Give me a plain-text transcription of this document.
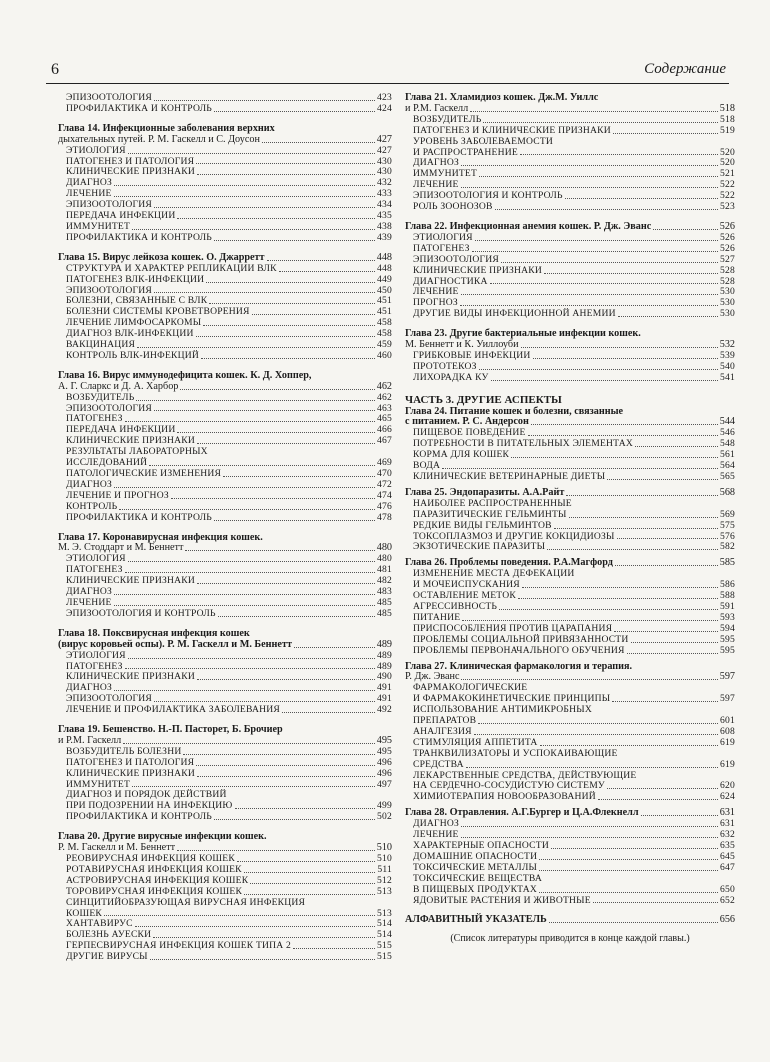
6	Содержание
ЭПИЗООТОЛОГИЯ	423
ПРОФИЛАКТИКА И КОНТРОЛЬ	424
Глава 14. Инфекционные заболевания верхних
дыхательных путей. Р. М. Гаскелл и С. Доусон	427
ЭТИОЛОГИЯ	427
ПАТОГЕНЕЗ И ПАТОЛОГИЯ	430
КЛИНИЧЕСКИЕ ПРИЗНАКИ	430
ДИАГНОЗ	432
ЛЕЧЕНИЕ	433
ЭПИЗООТОЛОГИЯ	434
ПЕРЕДАЧА ИНФЕКЦИИ	435
ИММУНИТЕТ	438
ПРОФИЛАКТИКА И КОНТРОЛЬ	439
Глава 15. Вирус лейкоза кошек. О. Джарретт	448
СТРУКТУРА И ХАРАКТЕР РЕПЛИКАЦИИ ВЛК	448
ПАТОГЕНЕЗ ВЛК-ИНФЕКЦИИ	449
ЭПИЗООТОЛОГИЯ	450
БОЛЕЗНИ, СВЯЗАННЫЕ С ВЛК	451
БОЛЕЗНИ СИСТЕМЫ КРОВЕТВОРЕНИЯ	451
ЛЕЧЕНИЕ ЛИМФОСАРКОМЫ	458
ДИАГНОЗ ВЛК-ИНФЕКЦИИ	458
ВАКЦИНАЦИЯ	459
КОНТРОЛЬ ВЛК-ИНФЕКЦИЙ	460
Глава 16. Вирус иммунодефицита кошек. К. Д. Хоппер,
А. Г. Сларкс и Д. А. Харбор	462
ВОЗБУДИТЕЛЬ	462
ЭПИЗООТОЛОГИЯ	463
ПАТОГЕНЕЗ	465
ПЕРЕДАЧА ИНФЕКЦИИ	466
КЛИНИЧЕСКИЕ ПРИЗНАКИ	467
РЕЗУЛЬТАТЫ ЛАБОРАТОРНЫХ
ИССЛЕДОВАНИЙ	469
ПАТОЛОГИЧЕСКИЕ ИЗМЕНЕНИЯ	470
ДИАГНОЗ	472
ЛЕЧЕНИЕ И ПРОГНОЗ	474
КОНТРОЛЬ	476
ПРОФИЛАКТИКА И КОНТРОЛЬ	478
Глава 17. Коронавирусная инфекция кошек.
М. Э. Стоддарт и М. Беннетт	480
ЭТИОЛОГИЯ	480
ПАТОГЕНЕЗ	481
КЛИНИЧЕСКИЕ ПРИЗНАКИ	482
ДИАГНОЗ	483
ЛЕЧЕНИЕ	485
ЭПИЗООТОЛОГИЯ И КОНТРОЛЬ	485
Глава 18. Поксвирусная инфекция кошек
(вирус коровьей оспы). Р. М. Гаскелл и М. Беннетт	489
ЭТИОЛОГИЯ	489
ПАТОГЕНЕЗ	489
КЛИНИЧЕСКИЕ ПРИЗНАКИ	490
ДИАГНОЗ	491
ЭПИЗООТОЛОГИЯ	491
ЛЕЧЕНИЕ И ПРОФИЛАКТИКА ЗАБОЛЕВАНИЯ	492
Глава 19. Бешенство. Н.-П. Пасторет, Б. Брочиер
и Р.М. Гаскелл	495
ВОЗБУДИТЕЛЬ БОЛЕЗНИ	495
ПАТОГЕНЕЗ И ПАТОЛОГИЯ	496
КЛИНИЧЕСКИЕ ПРИЗНАКИ	496
ИММУНИТЕТ	497
ДИАГНОЗ И ПОРЯДОК ДЕЙСТВИЙ
ПРИ ПОДОЗРЕНИИ НА ИНФЕКЦИЮ	499
ПРОФИЛАКТИКА И КОНТРОЛЬ	502
Глава 20. Другие вирусные инфекции кошек.
Р. М. Гаскелл и М. Беннетт	510
РЕОВИРУСНАЯ ИНФЕКЦИЯ КОШЕК	510
РОТАВИРУСНАЯ ИНФЕКЦИЯ КОШЕК	511
АСТРОВИРУСНАЯ ИНФЕКЦИЯ КОШЕК	512
ТОРОВИРУСНАЯ ИНФЕКЦИЯ КОШЕК	513
СИНЦИТИЙОБРАЗУЮЩАЯ ВИРУСНАЯ ИНФЕКЦИЯ
КОШЕК	513
ХАНТАВИРУС	514
БОЛЕЗНЬ АУЕСКИ	514
ГЕРПЕСВИРУСНАЯ ИНФЕКЦИЯ КОШЕК ТИПА 2	515
ДРУГИЕ ВИРУСЫ	515
Глава 21. Хламидиоз кошек. Дж.М. Уиллс
и Р.М. Гаскелл	518
ВОЗБУДИТЕЛЬ	518
ПАТОГЕНЕЗ И КЛИНИЧЕСКИЕ ПРИЗНАКИ	519
УРОВЕНЬ ЗАБОЛЕВАЕМОСТИ
И РАСПРОСТРАНЕНИЕ	520
ДИАГНОЗ	520
ИММУНИТЕТ	521
ЛЕЧЕНИЕ	522
ЭПИЗООТОЛОГИЯ И КОНТРОЛЬ	522
РОЛЬ ЗООНОЗОВ	523
Глава 22. Инфекционная анемия кошек. Р. Дж. Эванс	526
ЭТИОЛОГИЯ	526
ПАТОГЕНЕЗ	526
ЭПИЗООТОЛОГИЯ	527
КЛИНИЧЕСКИЕ ПРИЗНАКИ	528
ДИАГНОСТИКА	528
ЛЕЧЕНИЕ	530
ПРОГНОЗ	530
ДРУГИЕ ВИДЫ ИНФЕКЦИОННОЙ АНЕМИИ	530
Глава 23. Другие бактериальные инфекции кошек.
М. Беннетт и К. Уиллоуби	532
ГРИБКОВЫЕ ИНФЕКЦИИ	539
ПРОТОТЕКОЗ	540
ЛИХОРАДКА КУ	541
ЧАСТЬ 3. ДРУГИЕ АСПЕКТЫ
Глава 24. Питание кошек и болезни, связанные
с питанием. Р. С. Андерсон	544
ПИЩЕВОЕ ПОВЕДЕНИЕ	546
ПОТРЕБНОСТИ В ПИТАТЕЛЬНЫХ ЭЛЕМЕНТАХ	548
КОРМА ДЛЯ КОШЕК	561
ВОДА	564
КЛИНИЧЕСКИЕ ВЕТЕРИНАРНЫЕ ДИЕТЫ	565
Глава 25. Эндопаразиты. А.А.Райт	568
НАИБОЛЕЕ РАСПРОСТРАНЕННЫЕ
ПАРАЗИТИЧЕСКИЕ ГЕЛЬМИНТЫ	569
РЕДКИЕ ВИДЫ ГЕЛЬМИНТОВ	575
ТОКСОПЛАЗМОЗ И ДРУГИЕ КОКЦИДИОЗЫ	576
ЭКЗОТИЧЕСКИЕ ПАРАЗИТЫ	582
Глава 26. Проблемы поведения. Р.А.Магфорд	585
ИЗМЕНЕНИЕ МЕСТА ДЕФЕКАЦИИ
И МОЧЕИСПУСКАНИЯ	586
ОСТАВЛЕНИЕ МЕТОК	588
АГРЕССИВНОСТЬ	591
ПИТАНИЕ	593
ПРИСПОСОБЛЕНИЯ ПРОТИВ ЦАРАПАНИЯ	594
ПРОБЛЕМЫ СОЦИАЛЬНОЙ ПРИВЯЗАННОСТИ	595
ПРОБЛЕМЫ ПЕРВОНАЧАЛЬНОГО ОБУЧЕНИЯ	595
Глава 27. Клиническая фармакология и терапия.
Р. Дж. Эванс	597
ФАРМАКОЛОГИЧЕСКИЕ
И ФАРМАКОКИНЕТИЧЕСКИЕ ПРИНЦИПЫ	597
ИСПОЛЬЗОВАНИЕ АНТИМИКРОБНЫХ
ПРЕПАРАТОВ	601
АНАЛГЕЗИЯ	608
СТИМУЛЯЦИЯ АППЕТИТА	619
ТРАНКВИЛИЗАТОРЫ И УСПОКАИВАЮЩИЕ
СРЕДСТВА	619
ЛЕКАРСТВЕННЫЕ СРЕДСТВА, ДЕЙСТВУЮЩИЕ
НА СЕРДЕЧНО-СОСУДИСТУЮ СИСТЕМУ	620
ХИМИОТЕРАПИЯ НОВООБРАЗОВАНИЙ	624
Глава 28. Отравления. А.Г.Бургер и Ц.А.Флекнелл	631
ДИАГНОЗ	631
ЛЕЧЕНИЕ	632
ХАРАКТЕРНЫЕ ОПАСНОСТИ	635
ДОМАШНИЕ ОПАСНОСТИ	645
ТОКСИЧЕСКИЕ МЕТАЛЛЫ	647
ТОКСИЧЕСКИЕ ВЕЩЕСТВА
В ПИЩЕВЫХ ПРОДУКТАХ	650
ЯДОВИТЫЕ РАСТЕНИЯ И ЖИВОТНЫЕ	652
АЛФАВИТНЫЙ УКАЗАТЕЛЬ	656
(Список литературы приводится в конце каждой главы.)
